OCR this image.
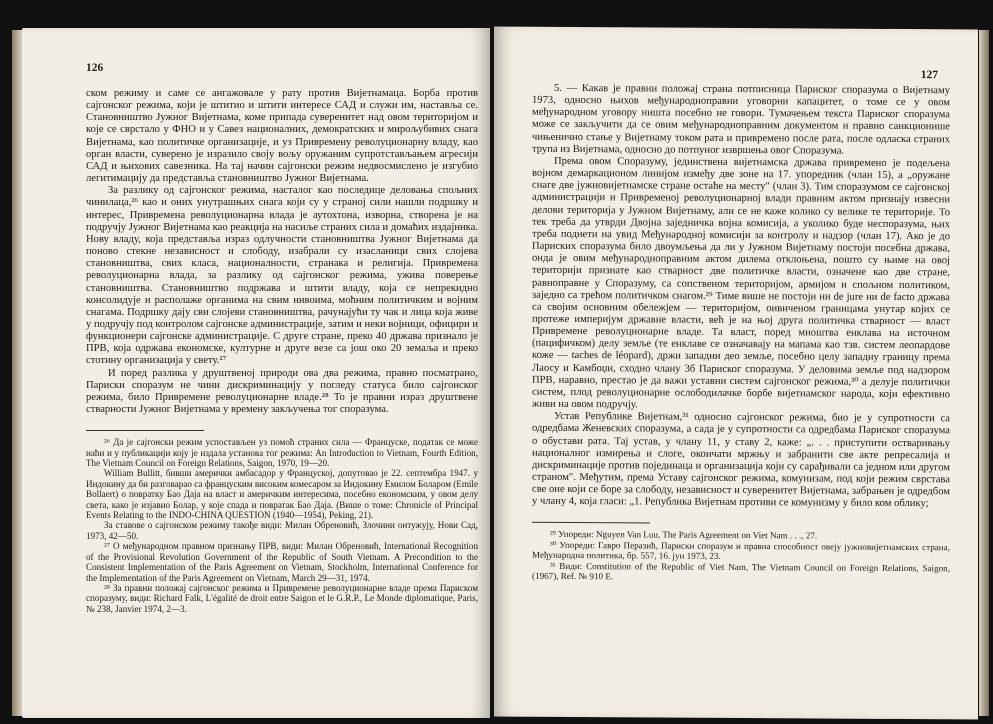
126

ском режиму и саме се ангажовале у рату против Вијетнамаца. Борба против сајгонског режима, који је штитио и штити интересе САД и служи им, наставља се. Становништво Јужног Вијетнама, коме припада суверенитет над овом територијом и које се сврстало у ФНО и у Савез националних, демократских и мирољубивих снага Вијетнама, као политичке организације, и уз Привремену револуционарну владу, као орган власти, суверено је изразило своју вољу оружаним супротстављањем агресији САД и њихових савезника. На тај начин сајгонски режим недвосмислено је изгубио легитимацију да представља становништво Јужног Вијетнама.

За разлику од сајгонског режима, насталог као последице деловања спољних чинилаца,²⁶ као и оних унутрашњих снага који су у страној сили нашли подршку и интерес, Привремена револуционарна влада је аутохтона, изворна, створена је на подручју Јужног Вијетнама као реакција на насиље страних сила и домаћих издајника. Нову владу, која представља израз одлучности становништва Јужног Вијетнама да поново стекне независност и слободу, изабрали су изасланици свих слојева становништва, свих класа, националности, странака и религија. Привремена револуционарна влада, за разлику од сајгонског режима, ужива поверење становништва. Становништво подржава и штити владу, која се непрекидно консолидује и располаже органима на свим нивоима, моћним политичким и војним снагама. Подршку дају сви слојеви становништва, рачунајући ту чак и лица која живе у подручју под контролом сајгонске администрације, затим и неки војници, официри и функционери сајгонске администрације. С друге стране, преко 40 држава признало је ПРВ, која одржава економске, културне и друге везе са још око 20 земаља и преко стотину организација у свету.²⁷

И поред разлика у друштвеној природи ова два режима, правно посматрано, Париски споразум не чини дискриминацију у погледу статуса било сајгонског режима, било Привремене револуционарне владе.²⁸ То је правни израз друштвене стварности Јужног Вијетнама у времену закључења тог споразума.

²⁶ Да је сајгонски режим успостављен уз помоћ страних сила — Француске, податак се може наћи и у публикацији коју је издала установа тог режима: An Introduction to Vietnam, Fourth Edition, The Vietnam Council on Foreign Relations, Saigon, 1970, 19—20.

William Bullitt, бивши амерички амбасадор у Француској, допутовао је 22. септембра 1947. у Индокину да би разговарао са француским високим комесаром за Индокину Емилом Боларом (Emile Bollaert) о повратку Бао Даја на власт и америчким интересима, посебно економским, у овом делу света, како је изјавио Болар, у које спада и повратак Бао Даја. (Више о томе: Chronicle of Principal Events Relating to the INDO-CHINA QUESTION (1940—1954), Peking, 21).

За ставове о сајгонском режиму такође види: Милан Обреновић, Злочини онтужују, Нови Сад, 1973, 42—50.

²⁷ О међународном правном признању ПРВ, види: Милан Обреновић, International Recognition of the Provisional Revolution Government of the Republic of South Vietnam. A Precondition to the Consistent Implementation of the Paris Agreement on Vietnam, Stockholm, International Conference for the Implementation of the Paris Agreement on Vietnam, March 29—31, 1974.

²⁸ За правни положај сајгонског режима и Привремене револуционарне владе према Париском споразуму, види: Richard Falk, L'égalité de droit entre Saigon et le G.R.P., Le Monde diplomatique, Paris, № 238, Janvier 1974, 2—3.

127

5. — Какав је правни положај страна потписница Париског споразума о Вијетнаму 1973, односно њихов међународноправни уговорни капацитет, о томе се у овом међународном уговору ништа посебно не говори. Тумачењем текста Париског споразума може се закључити да се овим међународноправним документом и правно санкционише чињенично стање у Вијетнаму током рата и привремено после рата, после одласка страних трупа из Вијетнама, односно до потпуног извршења овог Споразума.

Према овом Споразуму, јединствена вијетнамска држава привремено је подељена војном демаркационом линијом између две зоне на 17. упоредник (члан 15), а „оружане снаге две јужновијетнамске стране остаће на месту" (члан 3). Тим споразумом се сајгонској администрацији и Привременој револуционарној влади правним актом признају извесни делови територија у Јужном Вијетнаму, али се не каже колико су велике те територије. То тек треба да утврди Двојна заједничка војна комисија, а уколико буде неспоразума, њих треба поднети на увид Међународној комисији за контролу и надзор (члан 17). Ако је до Париских споразума било двоумљења да ли у Јужном Вијетнаму постоји посебна држава, онда је овим међународноправним актом дилема отклоњена, пошто су њиме на овој територији признате као стварност две политичке власти, означене као две стране, равноправне у Споразуму, са сопственом територијом, армијом и спољном политиком, заједно са трећом политичком снагом.²⁹ Тиме више не постоји ни de jure ни de facto држава са својим основним обележјем — територијом, оивиченом границама унутар којих се протеже империјум државне власти, већ је на њој друга политичка стварност — власт Привремене револуционарне владе. Та власт, поред мноштва енклава на источном (пацифичком) делу земље (те енклаве се означавају на мапама као тзв. систем леопардове коже — taches de léopard), држи западни део земље, посебно целу западну границу према Лаосу и Камбоџи, сходно члану 3б Париског споразума. У деловима земље под надзором ПРВ, наравно, престао је да важи уставни систем сајгонског режима,³⁰ а делује политички систем, плод револуционарне ослободилачке борбе вијетнамског народа, који ефективно живи на овом подручју.

Устав Републике Вијетнам,³¹ односно сајгонског режима, био је у супротности са одредбама Женевских споразума, а сада је у супротности са одредбама Париског споразума о обустави рата. Тај устав, у члану 11, у ставу 2, каже: „. . . приступити остваривању националног измирења и слоге, окончати мржњу и забранити све акте репресалија и дискриминације против појединаца и организација који су сарађивали са једном или другом страном". Међутим, према Уставу сајгонског режима, комунизам, под који режим сврстава све оне који се боре за слободу, независност и суверенитет Вијетнама, забрањен је одредбом у члану 4, која гласи: „1. Република Вијетнам противи се комунизму у било ком облику;

²⁹ Упореди: Nguyen Van Luu, The Paris Agreement on Viet Nam . . ., 27.

³⁰ Упореди: Гавро Перазић, Париски споразум и правна способност овеју јужновијетнамских страна, Међународна политика, бр. 557, 16. јун 1973, 23.

³¹ Види: Constitution of the Republic of Viet Nam, The Vietnam Council on Foreign Relations, Saigon, (1967), Ref. № 910 E.
